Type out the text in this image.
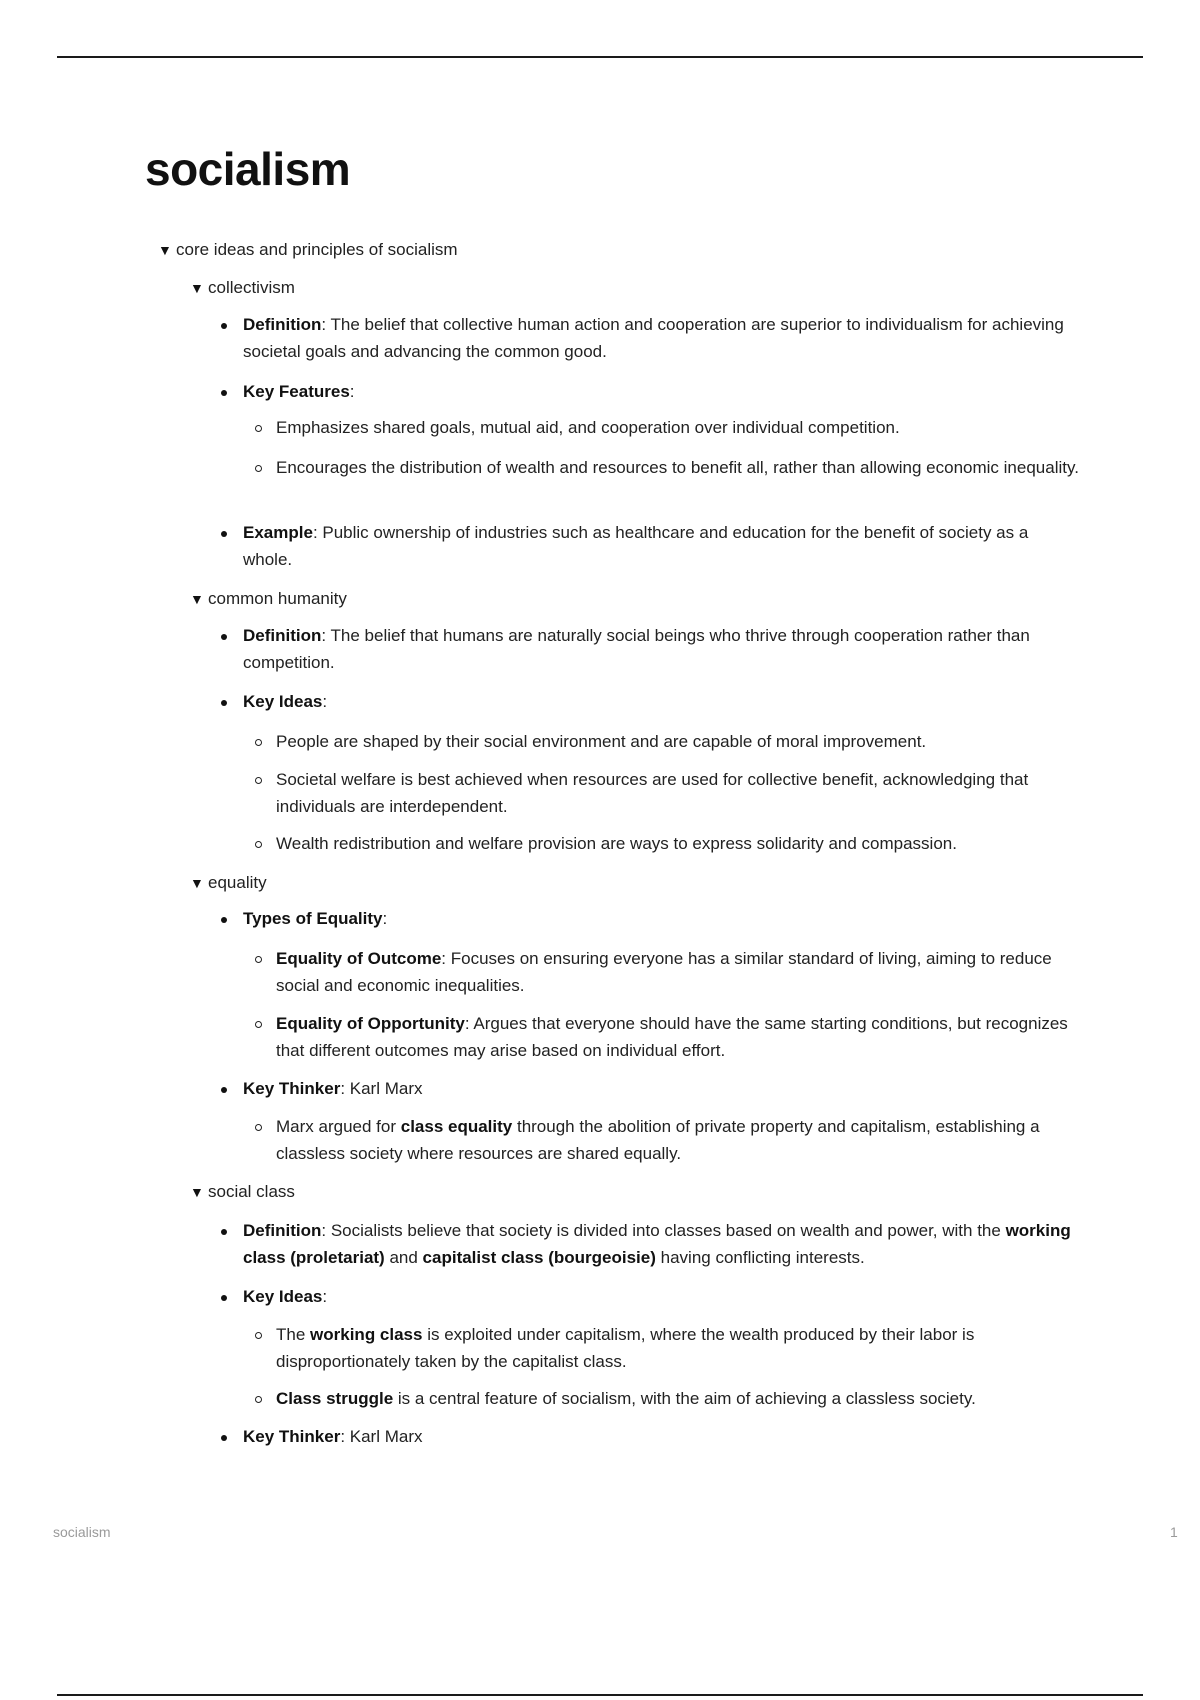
socialism
▼ core ideas and principles of socialism
▼ collectivism
Definition: The belief that collective human action and cooperation are superior to individualism for achieving societal goals and advancing the common good.
Key Features:
Emphasizes shared goals, mutual aid, and cooperation over individual competition.
Encourages the distribution of wealth and resources to benefit all, rather than allowing economic inequality.
Example: Public ownership of industries such as healthcare and education for the benefit of society as a whole.
▼ common humanity
Definition: The belief that humans are naturally social beings who thrive through cooperation rather than competition.
Key Ideas:
People are shaped by their social environment and are capable of moral improvement.
Societal welfare is best achieved when resources are used for collective benefit, acknowledging that individuals are interdependent.
Wealth redistribution and welfare provision are ways to express solidarity and compassion.
▼ equality
Types of Equality:
Equality of Outcome: Focuses on ensuring everyone has a similar standard of living, aiming to reduce social and economic inequalities.
Equality of Opportunity: Argues that everyone should have the same starting conditions, but recognizes that different outcomes may arise based on individual effort.
Key Thinker: Karl Marx
Marx argued for class equality through the abolition of private property and capitalism, establishing a classless society where resources are shared equally.
▼ social class
Definition: Socialists believe that society is divided into classes based on wealth and power, with the working class (proletariat) and capitalist class (bourgeoisie) having conflicting interests.
Key Ideas:
The working class is exploited under capitalism, where the wealth produced by their labor is disproportionately taken by the capitalist class.
Class struggle is a central feature of socialism, with the aim of achieving a classless society.
Key Thinker: Karl Marx
socialism	1
